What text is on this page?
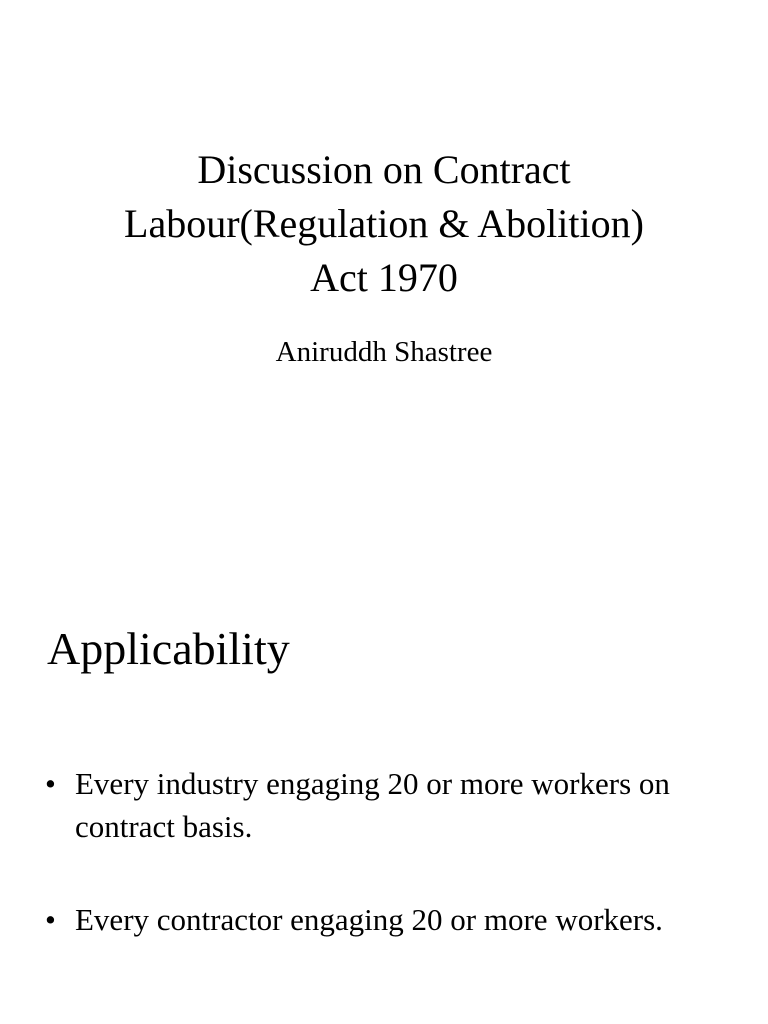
Discussion on Contract
Labour(Regulation & Abolition)
Act 1970

Aniruddh Shastree

Applicability
• Every industry engaging 20 or more workers on contract basis.
• Every contractor engaging 20 or more workers.
